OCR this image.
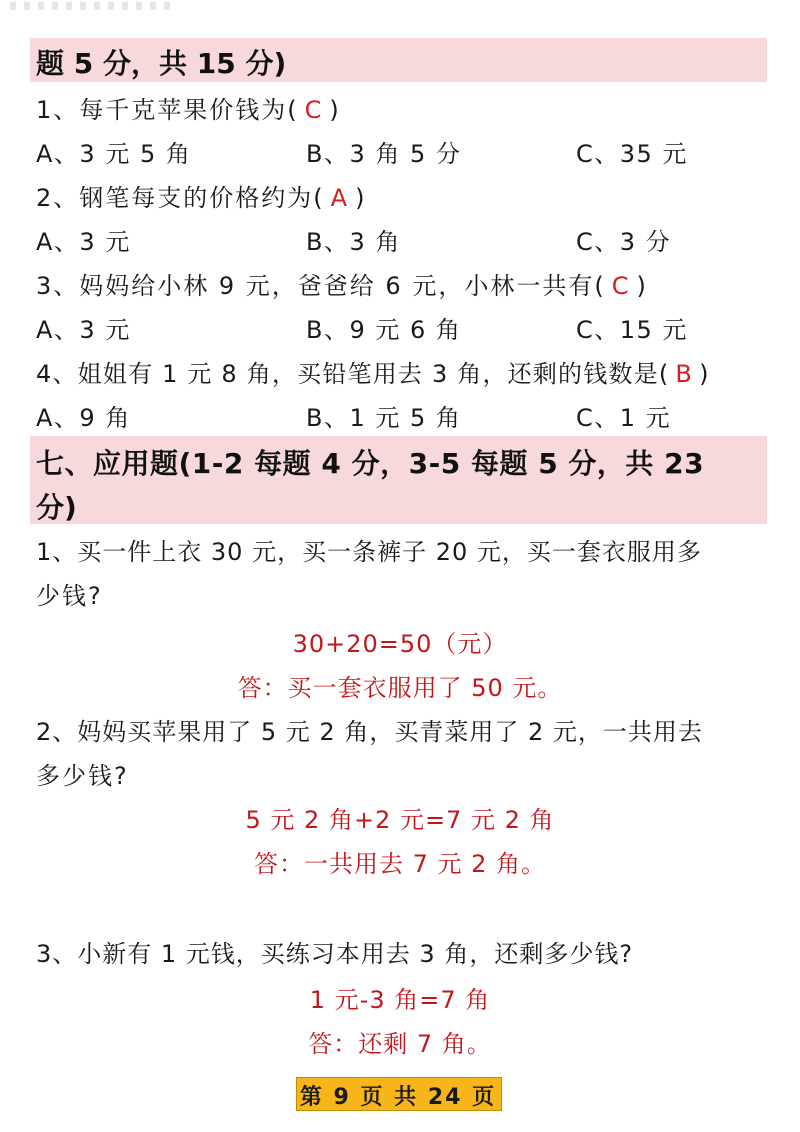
题 5 分，共 15 分)
1、每千克苹果价钱为( C )
A、3 元 5 角	B、3 角 5 分	C、35 元
2、钢笔每支的价格约为( A )
A、3 元	B、3 角	C、3 分
3、妈妈给小林 9 元，爸爸给 6 元，小林一共有( C )
A、3 元	B、9 元 6 角	C、15 元
4、姐姐有 1 元 8 角，买铅笔用去 3 角，还剩的钱数是( B )
A、9 角	B、1 元 5 角	C、1 元
七、应用题(1-2 每题 4 分，3-5 每题 5 分，共 23
分)
1、买一件上衣 30 元，买一条裤子 20 元，买一套衣服用多
少钱?
30+20=50（元）
答：买一套衣服用了 50 元。
2、妈妈买苹果用了 5 元 2 角，买青菜用了 2 元，一共用去
多少钱?
5 元 2 角+2 元=7 元 2 角
答：一共用去 7 元 2 角。
3、小新有 1 元钱，买练习本用去 3 角，还剩多少钱?
1 元-3 角=7 角
答：还剩 7 角。
第 9 页 共 24 页
